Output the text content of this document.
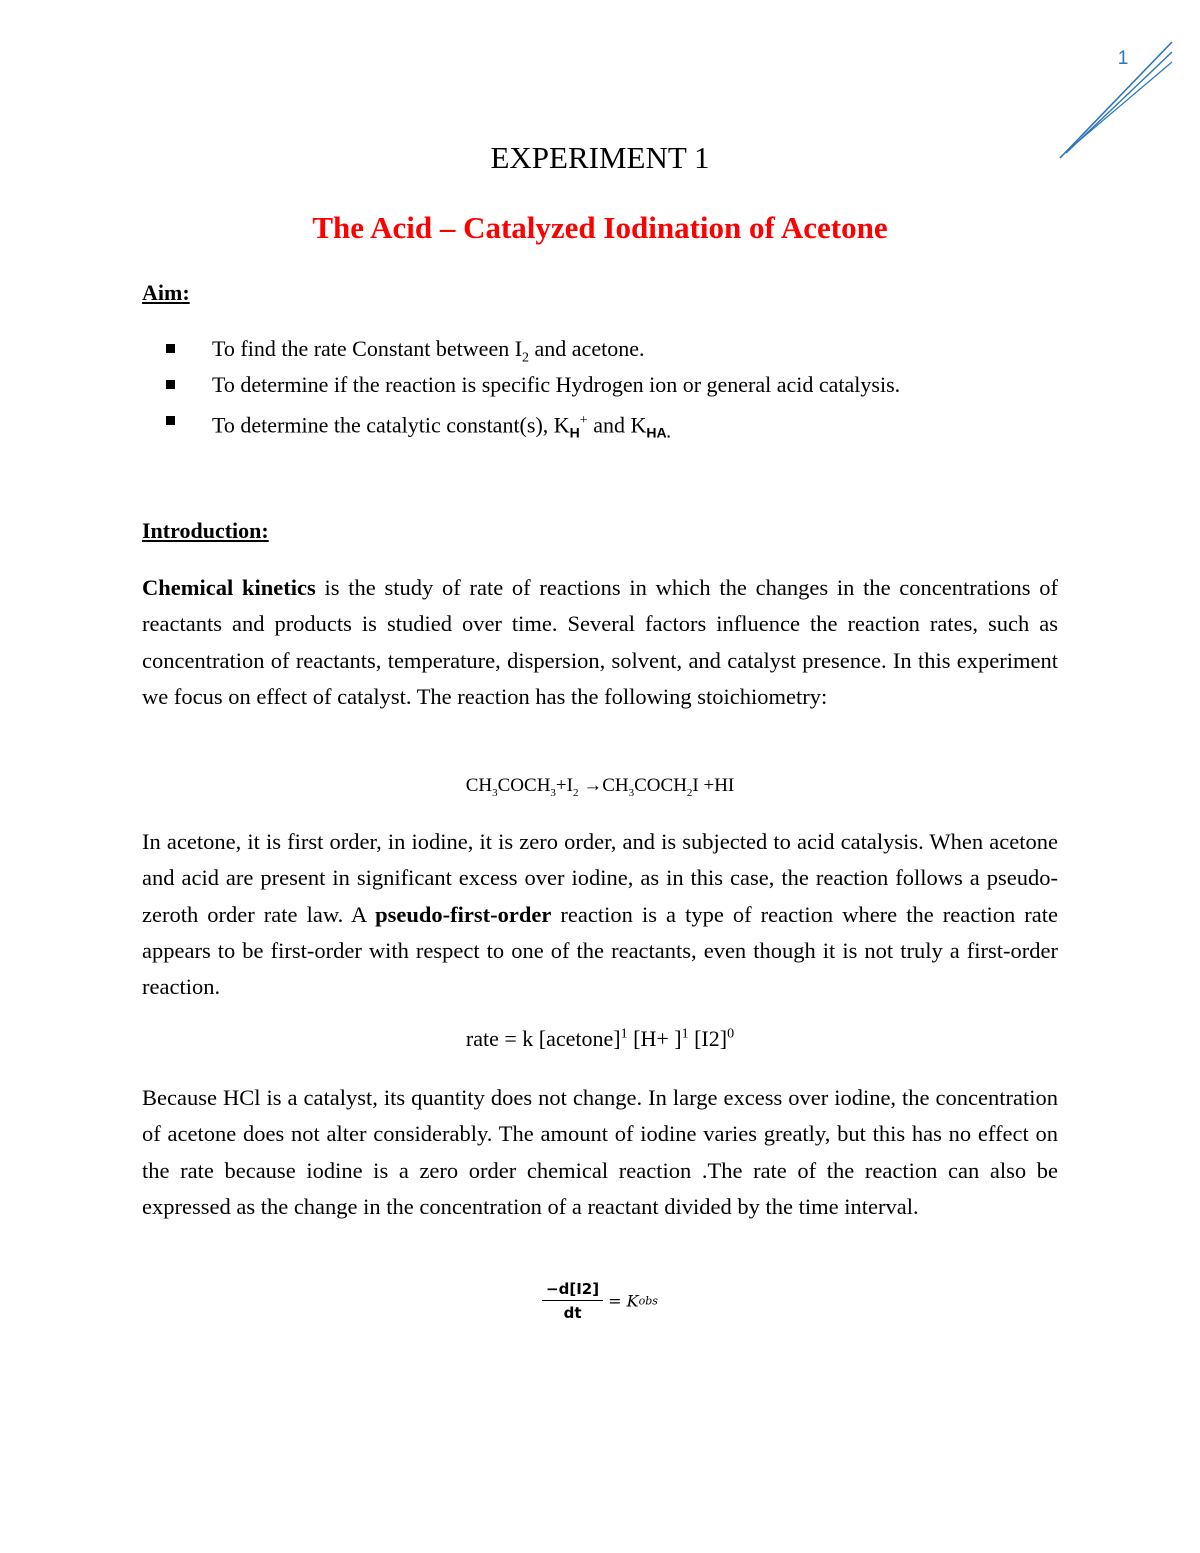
1
EXPERIMENT 1
The Acid – Catalyzed Iodination of Acetone
Aim:
To find the rate Constant between $I_2$ and acetone.
To determine if the reaction is specific Hydrogen ion or general acid catalysis.
To determine the catalytic constant(s), $K_H^+$ and $K_{HA.}$
Introduction:

Chemical kinetics is the study of rate of reactions in which the changes in the concentrations of reactants and products is studied over time. Several factors influence the reaction rates, such as concentration of reactants, temperature, dispersion, solvent, and catalyst presence. In this experiment we focus on effect of catalyst. The reaction has the following stoichiometry:

$CH_3COCH_3+I_2$ $\to CH_3COCH_2I +HI$

In acetone, it is first order, in iodine, it is zero order, and is subjected to acid catalysis. When acetone and acid are present in significant excess over iodine, as in this case, the reaction follows a pseudo-zeroth order rate law. A pseudo-first-order reaction is a type of reaction where the reaction rate appears to be first-order with respect to one of the reactants, even though it is not truly a first-order reaction.

rate = k [acetone]$^1$ $[H+ ]^1$ $[I2]^0$

Because HCl is a catalyst, its quantity does not change. In large excess over iodine, the concentration of acetone does not alter considerably. The amount of iodine varies greatly, but this has no effect on the rate because iodine is a zero order chemical reaction .The rate of the reaction can also be expressed as the change in the concentration of a reactant divided by the time interval.

$\frac{-d[I2]}{dt}$ = Kobs
